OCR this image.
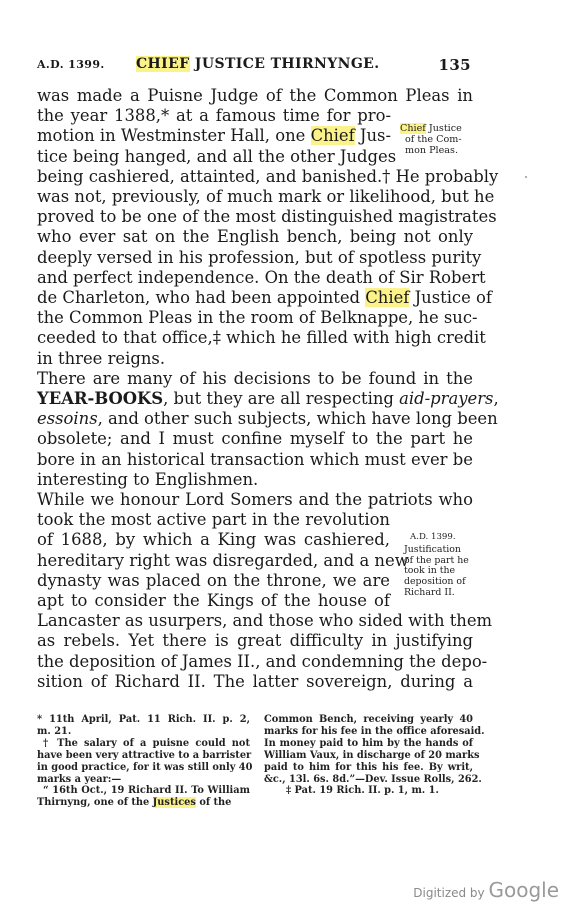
A.D. 1399. CHIEF JUSTICE THIRNYNGE.	135
was made a Puisne Judge of the Common Pleas in
the year 1388,* at a famous time for pro-
motion in Westminster Hall, one Chief Jus-
tice being hanged, and all the other Judges
being cashiered, attainted, and banished.† He probably
was not, previously, of much mark or likelihood, but he
proved to be one of the most distinguished magistrates
who ever sat on the English bench, being not only
deeply versed in his profession, but of spotless purity
and perfect independence. On the death of Sir Robert
de Charleton, who had been appointed Chief Justice of
the Common Pleas in the room of Belknappe, he suc-
ceeded to that office,‡ which he filled with high credit
in three reigns.
There are many of his decisions to be found in the
YEAR-BOOKS, but they are all respecting aid-prayers,
essoins, and other such subjects, which have long been
obsolete; and I must confine myself to the part he
bore in an historical transaction which must ever be
interesting to Englishmen.
While we honour Lord Somers and the patriots who
took the most active part in the revolution
of 1688, by which a King was cashiered,
hereditary right was disregarded, and a new
dynasty was placed on the throne, we are
apt to consider the Kings of the house of
Lancaster as usurpers, and those who sided with them
as rebels. Yet there is great difficulty in justifying
the deposition of James II., and condemning the depo-
sition of Richard II. The latter sovereign, during a
Chief Justice
of the Com-
mon Pleas.
A.D. 1399.
Justification
of the part he
took in the
deposition of
Richard II.
* 11th April, Pat. 11 Rich. II. p. 2,
m. 21.
† The salary of a puisne could not
have been very attractive to a barrister
in good practice, for it was still only 40
marks a year:—
“ 16th Oct., 19 Richard II. To William
Thirnyng, one of the Justices of the
Common Bench, receiving yearly 40
marks for his fee in the office aforesaid.
In money paid to him by the hands of
William Vaux, in discharge of 20 marks
paid to him for this his fee. By writ,
&c., 13l. 6s. 8d.”—Dev. Issue Rolls, 262.
‡ Pat. 19 Rich. II. p. 1, m. 1.
Digitized by Google
